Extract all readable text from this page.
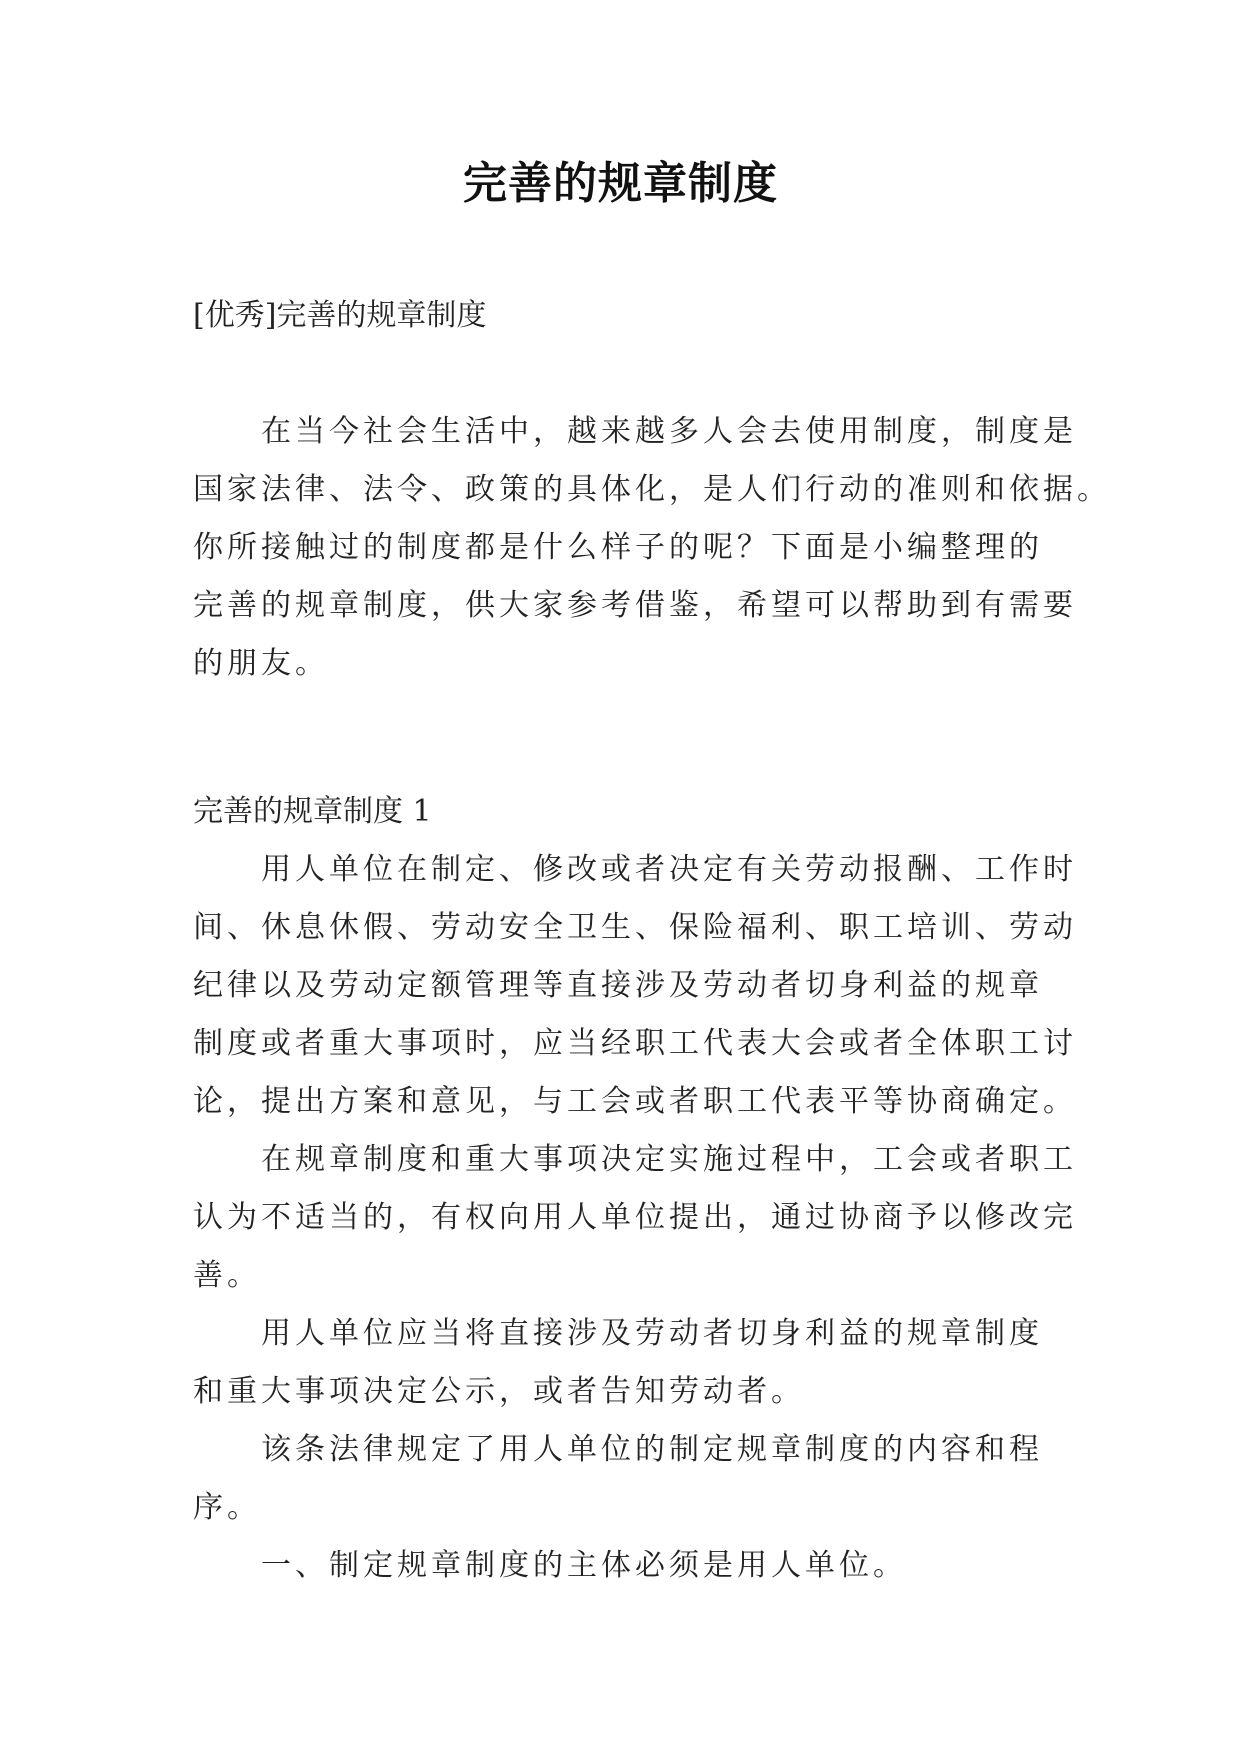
完善的规章制度
[优秀]完善的规章制度
　　在当今社会生活中，越来越多人会去使用制度，制度是
国家法律、法令、政策的具体化，是人们行动的准则和依据。
你所接触过的制度都是什么样子的呢？下面是小编整理的
完善的规章制度，供大家参考借鉴，希望可以帮助到有需要
的朋友。
完善的规章制度 1
　　用人单位在制定、修改或者决定有关劳动报酬、工作时
间、休息休假、劳动安全卫生、保险福利、职工培训、劳动
纪律以及劳动定额管理等直接涉及劳动者切身利益的规章
制度或者重大事项时，应当经职工代表大会或者全体职工讨
论，提出方案和意见，与工会或者职工代表平等协商确定。
　　在规章制度和重大事项决定实施过程中，工会或者职工
认为不适当的，有权向用人单位提出，通过协商予以修改完
善。
　　用人单位应当将直接涉及劳动者切身利益的规章制度
和重大事项决定公示，或者告知劳动者。
　　该条法律规定了用人单位的制定规章制度的内容和程
序。
　　一、制定规章制度的主体必须是用人单位。
